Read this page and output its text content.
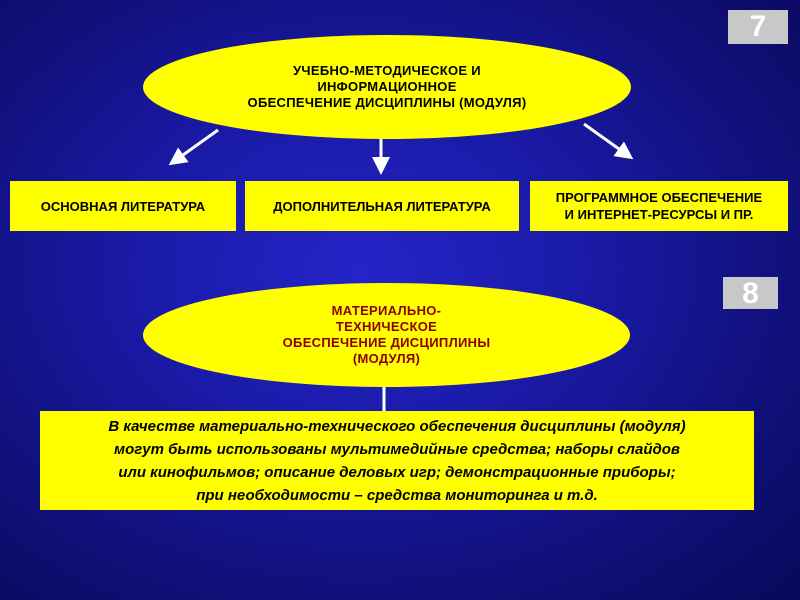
7
8
УЧЕБНО-МЕТОДИЧЕСКОЕ И
ИНФОРМАЦИОННОЕ
ОБЕСПЕЧЕНИЕ ДИСЦИПЛИНЫ (МОДУЛЯ)
ОСНОВНАЯ ЛИТЕРАТУРА	ДОПОЛНИТЕЛЬНАЯ ЛИТЕРАТУРА
ПРОГРАММНОЕ ОБЕСПЕЧЕНИЕ
И ИНТЕРНЕТ-РЕСУРСЫ И ПР.
МАТЕРИАЛЬНО-
ТЕХНИЧЕСКОЕ
ОБЕСПЕЧЕНИЕ ДИСЦИПЛИНЫ
(МОДУЛЯ)
В качестве материально-технического обеспечения дисциплины (модуля)
могут быть использованы мультимедийные средства; наборы слайдов
или кинофильмов; описание деловых игр; демонстрационные приборы;
при необходимости – средства мониторинга и т.д.
